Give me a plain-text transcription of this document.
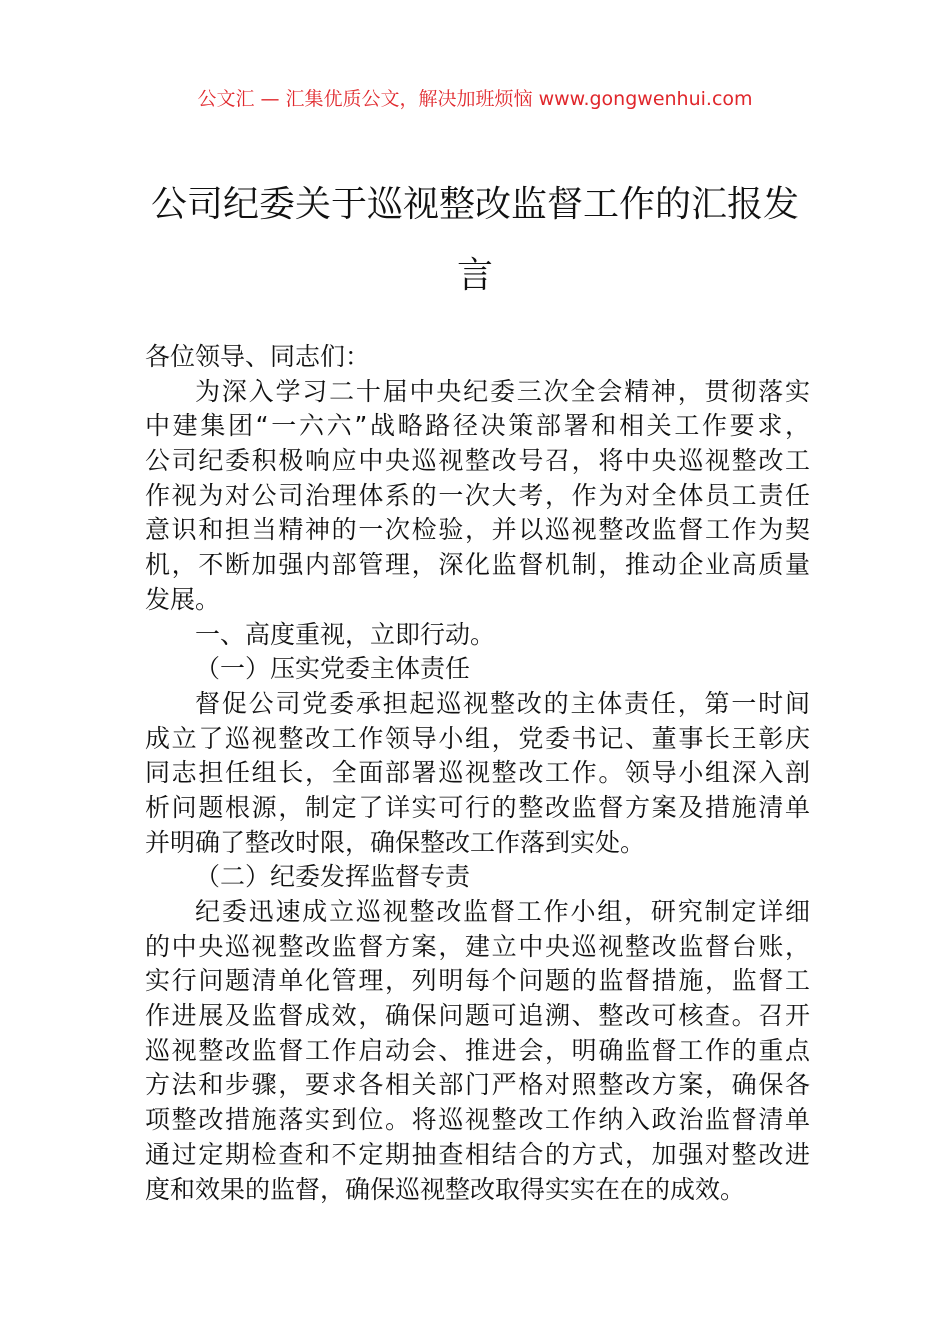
公文汇 — 汇集优质公文，解决加班烦恼 www.gongwenhui.com
公司纪委关于巡视整改监督工作的汇报发
言
各位领导、同志们：
为深入学习二十届中央纪委三次全会精神，贯彻落实
中建集团“一六六”战略路径决策部署和相关工作要求，
公司纪委积极响应中央巡视整改号召，将中央巡视整改工
作视为对公司治理体系的一次大考，作为对全体员工责任
意识和担当精神的一次检验，并以巡视整改监督工作为契
机，不断加强内部管理，深化监督机制，推动企业高质量
发展。
一、高度重视，立即行动。
（一）压实党委主体责任
督促公司党委承担起巡视整改的主体责任，第一时间
成立了巡视整改工作领导小组，党委书记、董事长王彰庆
同志担任组长，全面部署巡视整改工作。领导小组深入剖
析问题根源，制定了详实可行的整改监督方案及措施清单
并明确了整改时限，确保整改工作落到实处。
（二）纪委发挥监督专责
纪委迅速成立巡视整改监督工作小组，研究制定详细
的中央巡视整改监督方案，建立中央巡视整改监督台账，
实行问题清单化管理，列明每个问题的监督措施，监督工
作进展及监督成效，确保问题可追溯、整改可核查。召开
巡视整改监督工作启动会、推进会，明确监督工作的重点
方法和步骤，要求各相关部门严格对照整改方案，确保各
项整改措施落实到位。将巡视整改工作纳入政治监督清单
通过定期检查和不定期抽查相结合的方式，加强对整改进
度和效果的监督，确保巡视整改取得实实在在的成效。
